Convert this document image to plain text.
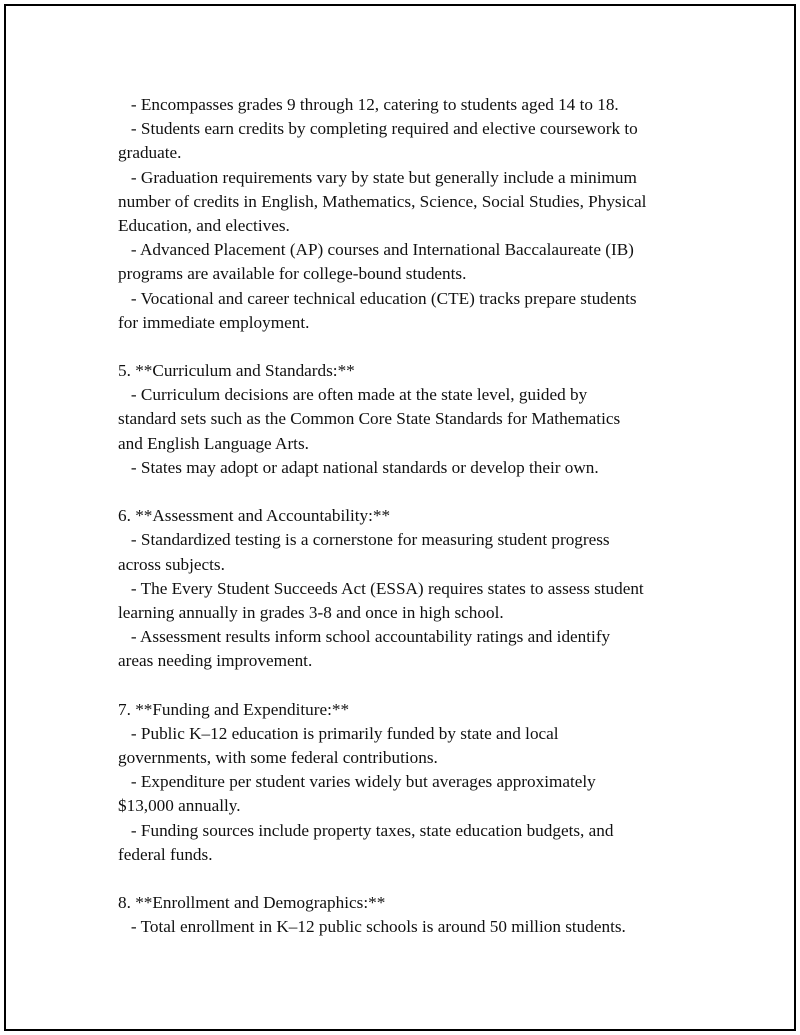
- Encompasses grades 9 through 12, catering to students aged 14 to 18.
- Students earn credits by completing required and elective coursework to
graduate.
- Graduation requirements vary by state but generally include a minimum
number of credits in English, Mathematics, Science, Social Studies, Physical
Education, and electives.
- Advanced Placement (AP) courses and International Baccalaureate (IB)
programs are available for college-bound students.
- Vocational and career technical education (CTE) tracks prepare students
for immediate employment.
5. **Curriculum and Standards:**
- Curriculum decisions are often made at the state level, guided by
standard sets such as the Common Core State Standards for Mathematics
and English Language Arts.
- States may adopt or adapt national standards or develop their own.
6. **Assessment and Accountability:**
- Standardized testing is a cornerstone for measuring student progress
across subjects.
- The Every Student Succeeds Act (ESSA) requires states to assess student
learning annually in grades 3-8 and once in high school.
- Assessment results inform school accountability ratings and identify
areas needing improvement.
7. **Funding and Expenditure:**
- Public K–12 education is primarily funded by state and local
governments, with some federal contributions.
- Expenditure per student varies widely but averages approximately
$13,000 annually.
- Funding sources include property taxes, state education budgets, and
federal funds.
8. **Enrollment and Demographics:**
- Total enrollment in K–12 public schools is around 50 million students.
